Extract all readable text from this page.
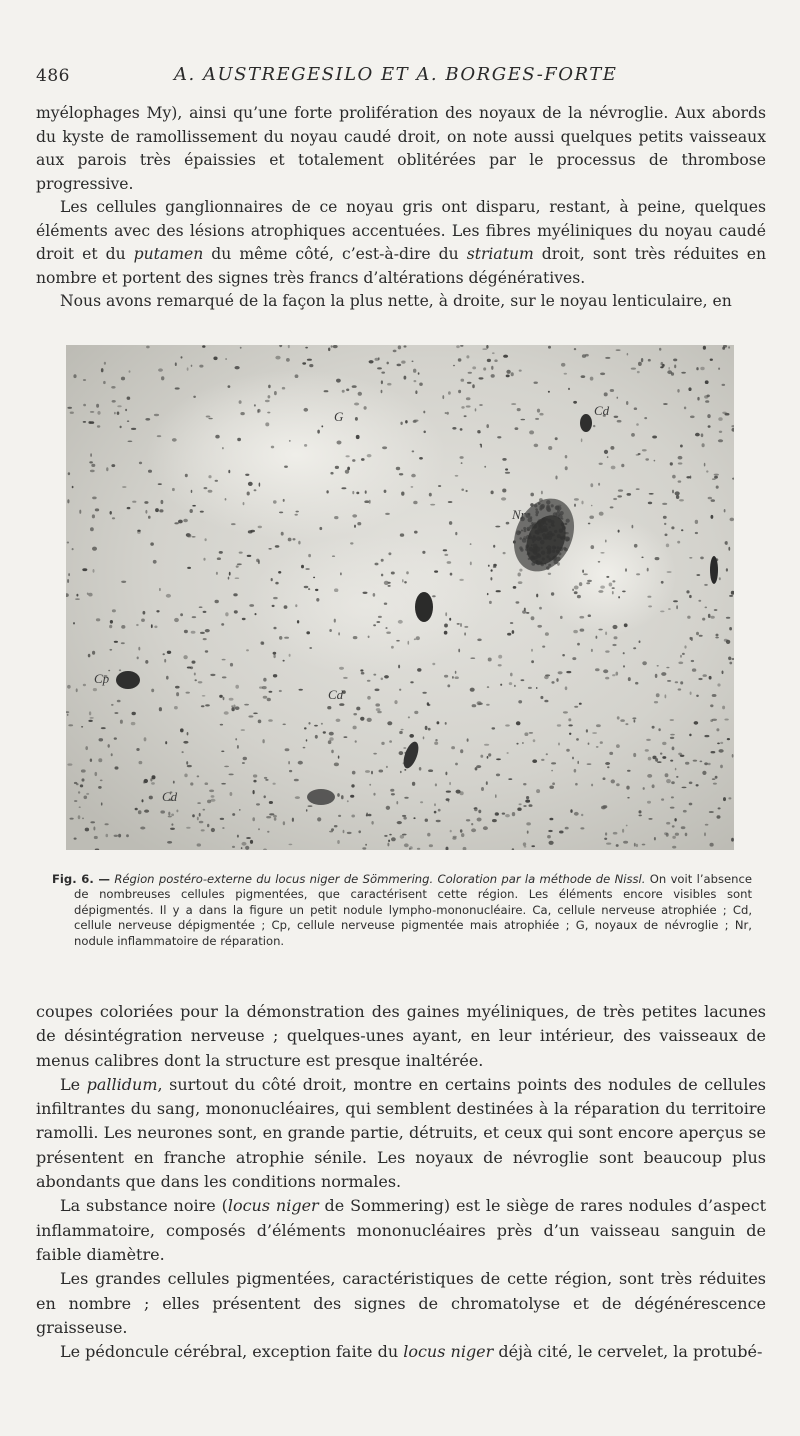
486	A. AUSTREGESILO ET A. BORGES-FORTE

myélophages My), ainsi qu’une forte prolifération des noyaux de la névroglie. Aux abords du kyste de ramollissement du noyau caudé droit, on note aussi quelques petits vaisseaux aux parois très épaissies et totalement oblitérées par le processus de thrombose progressive.

Les cellules ganglionnaires de ce noyau gris ont disparu, restant, à peine, quelques éléments avec des lésions atrophiques accentuées. Les fibres myéliniques du noyau caudé droit et du putamen du même côté, c’est-à-dire du striatum droit, sont très réduites en nombre et portent des signes très francs d’altérations dégénératives.

Nous avons remarqué de la façon la plus nette, à droite, sur le noyau lenticulaire, en

G	Cd
Nr
Cp
Cd
Cd

Fig. 6. — Région postéro-externe du locus niger de Sömmering. Coloration par la méthode de Nissl. On voit l’absence de nombreuses cellules pigmentées, que caractérisent cette région. Les éléments encore visibles sont dépigmentés. Il y a dans la figure un petit nodule lympho-mononucléaire. Ca, cellule nerveuse atrophiée ; Cd, cellule nerveuse dépigmentée ; Cp, cellule nerveuse pigmentée mais atrophiée ; G, noyaux de névroglie ; Nr, nodule inflammatoire de réparation.

coupes coloriées pour la démonstration des gaines myéliniques, de très petites lacunes de désintégration nerveuse ; quelques-unes ayant, en leur intérieur, des vaisseaux de menus calibres dont la structure est presque inaltérée.

Le pallidum, surtout du côté droit, montre en certains points des nodules de cellules infiltrantes du sang, mononucléaires, qui semblent destinées à la réparation du territoire ramolli. Les neurones sont, en grande partie, détruits, et ceux qui sont encore aperçus se présentent en franche atrophie sénile. Les noyaux de névroglie sont beaucoup plus abondants que dans les conditions normales.

La substance noire (locus niger de Sommering) est le siège de rares nodules d’aspect inflammatoire, composés d’éléments mononucléaires près d’un vaisseau sanguin de faible diamètre.

Les grandes cellules pigmentées, caractéristiques de cette région, sont très réduites en nombre ; elles présentent des signes de chromatolyse et de dégénérescence graisseuse.

Le pédoncule cérébral, exception faite du locus niger déjà cité, le cervelet, la protubé-
